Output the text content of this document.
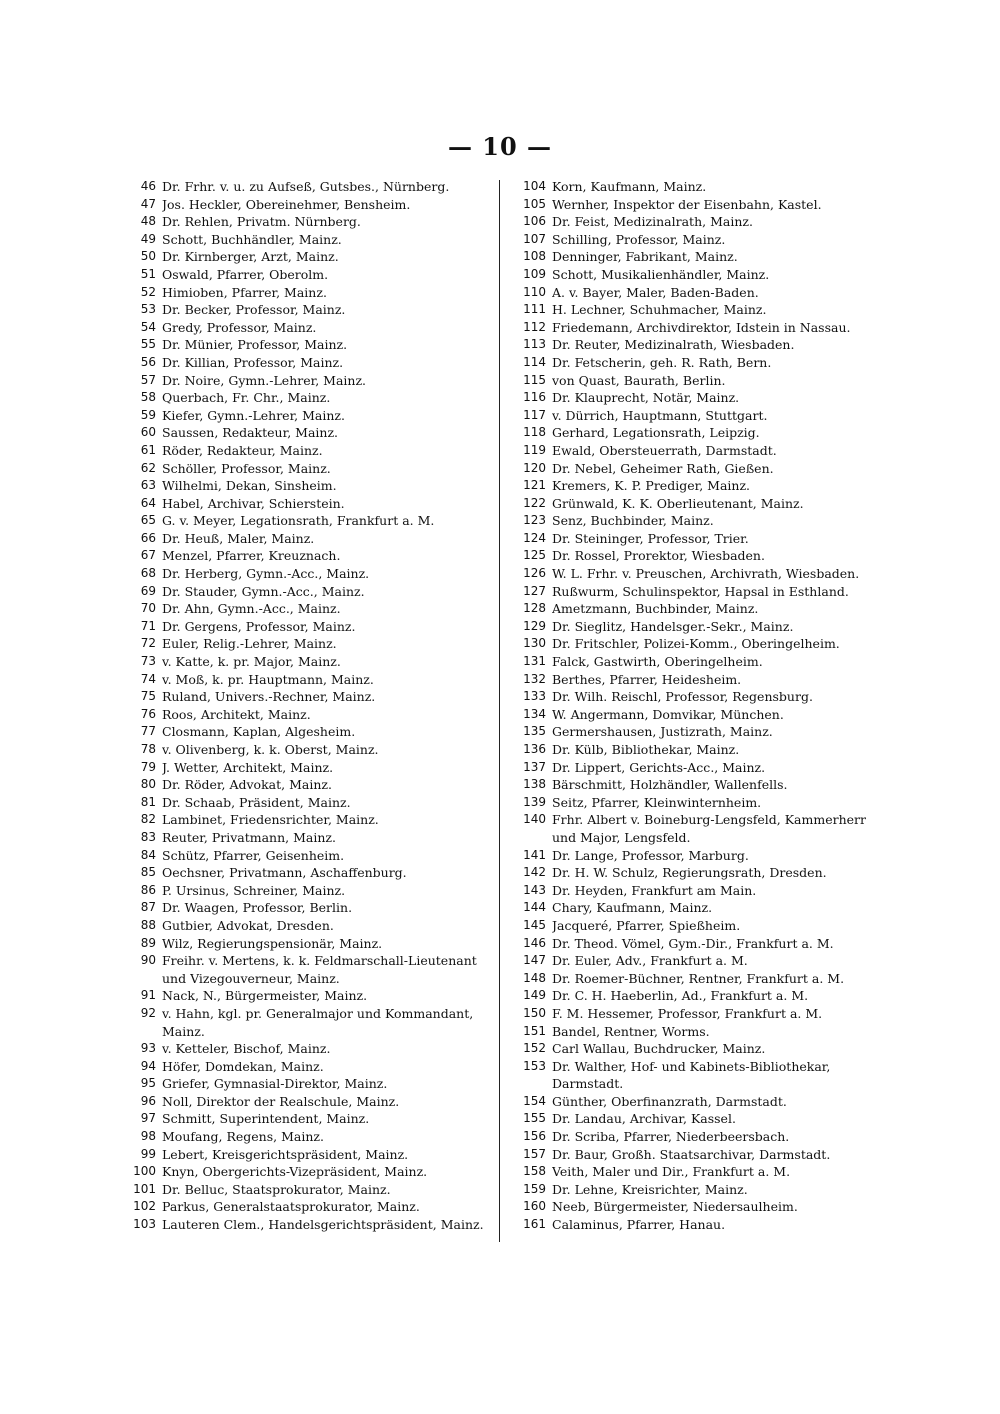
— 10 —
46 Dr. Frhr. v. u. zu Aufseß, Gutsbes., Nürnberg.
47 Jos. Heckler, Obereinehmer, Bensheim.
48 Dr. Rehlen, Privatm. Nürnberg.
49 Schott, Buchhändler, Mainz.
50 Dr. Kirnberger, Arzt, Mainz.
51 Oswald, Pfarrer, Oberolm.
52 Himioben, Pfarrer, Mainz.
53 Dr. Becker, Professor, Mainz.
54 Gredy, Professor, Mainz.
55 Dr. Münier, Professor, Mainz.
56 Dr. Killian, Professor, Mainz.
57 Dr. Noire, Gymn.-Lehrer, Mainz.
58 Querbach, Fr. Chr., Mainz.
59 Kiefer, Gymn.-Lehrer, Mainz.
60 Saussen, Redakteur, Mainz.
61 Röder, Redakteur, Mainz.
62 Schöller, Professor, Mainz.
63 Wilhelmi, Dekan, Sinsheim.
64 Habel, Archivar, Schierstein.
65 G. v. Meyer, Legationsrath, Frankfurt a. M.
66 Dr. Heuß, Maler, Mainz.
67 Menzel, Pfarrer, Kreuznach.
68 Dr. Herberg, Gymn.-Acc., Mainz.
69 Dr. Stauder, Gymn.-Acc., Mainz.
70 Dr. Ahn, Gymn.-Acc., Mainz.
71 Dr. Gergens, Professor, Mainz.
72 Euler, Relig.-Lehrer, Mainz.
73 v. Katte, k. pr. Major, Mainz.
74 v. Moß, k. pr. Hauptmann, Mainz.
75 Ruland, Univers.-Rechner, Mainz.
76 Roos, Architekt, Mainz.
77 Closmann, Kaplan, Algesheim.
78 v. Olivenberg, k. k. Oberst, Mainz.
79 J. Wetter, Architekt, Mainz.
80 Dr. Röder, Advokat, Mainz.
81 Dr. Schaab, Präsident, Mainz.
82 Lambinet, Friedensrichter, Mainz.
83 Reuter, Privatmann, Mainz.
84 Schütz, Pfarrer, Geisenheim.
85 Oechsner, Privatmann, Aschaffenburg.
86 P. Ursinus, Schreiner, Mainz.
87 Dr. Waagen, Professor, Berlin.
88 Gutbier, Advokat, Dresden.
89 Wilz, Regierungspensionär, Mainz.
90 Freihr. v. Mertens, k. k. Feldmarschall-Lieutenant und Vizegouverneur, Mainz.
91 Nack, N., Bürgermeister, Mainz.
92 v. Hahn, kgl. pr. Generalmajor und Kommandant, Mainz.
93 v. Ketteler, Bischof, Mainz.
94 Höfer, Domdekan, Mainz.
95 Griefer, Gymnasial-Direktor, Mainz.
96 Noll, Direktor der Realschule, Mainz.
97 Schmitt, Superintendent, Mainz.
98 Moufang, Regens, Mainz.
99 Lebert, Kreisgerichtspräsident, Mainz.
100 Knyn, Obergerichts-Vizepräsident, Mainz.
101 Dr. Belluc, Staatsprokurator, Mainz.
102 Parkus, Generalstaatsprokurator, Mainz.
103 Lauteren Clem., Handelsgerichtspräsident, Mainz.
104 Korn, Kaufmann, Mainz.
105 Wernher, Inspektor der Eisenbahn, Kastel.
106 Dr. Feist, Medizinalrath, Mainz.
107 Schilling, Professor, Mainz.
108 Denninger, Fabrikant, Mainz.
109 Schott, Musikalienhändler, Mainz.
110 A. v. Bayer, Maler, Baden-Baden.
111 H. Lechner, Schuhmacher, Mainz.
112 Friedemann, Archivdirektor, Idstein in Nassau.
113 Dr. Reuter, Medizinalrath, Wiesbaden.
114 Dr. Fetscherin, geh. R. Rath, Bern.
115 von Quast, Baurath, Berlin.
116 Dr. Klauprecht, Notär, Mainz.
117 v. Dürrich, Hauptmann, Stuttgart.
118 Gerhard, Legationsrath, Leipzig.
119 Ewald, Obersteuerrath, Darmstadt.
120 Dr. Nebel, Geheimer Rath, Gießen.
121 Kremers, K. P. Prediger, Mainz.
122 Grünwald, K. K. Oberlieutenant, Mainz.
123 Senz, Buchbinder, Mainz.
124 Dr. Steininger, Professor, Trier.
125 Dr. Rossel, Prorektor, Wiesbaden.
126 W. L. Frhr. v. Preuschen, Archivrath, Wiesbaden.
127 Rußwurm, Schulinspektor, Hapsal in Esthland.
128 Ametzmann, Buchbinder, Mainz.
129 Dr. Sieglitz, Handelsger.-Sekr., Mainz.
130 Dr. Fritschler, Polizei-Komm., Oberingelheim.
131 Falck, Gastwirth, Oberingelheim.
132 Berthes, Pfarrer, Heidesheim.
133 Dr. Wilh. Reischl, Professor, Regensburg.
134 W. Angermann, Domvikar, München.
135 Germershausen, Justizrath, Mainz.
136 Dr. Külb, Bibliothekar, Mainz.
137 Dr. Lippert, Gerichts-Acc., Mainz.
138 Bärschmitt, Holzhändler, Wallenfells.
139 Seitz, Pfarrer, Kleinwinternheim.
140 Frhr. Albert v. Boineburg-Lengsfeld, Kammerherr und Major, Lengsfeld.
141 Dr. Lange, Professor, Marburg.
142 Dr. H. W. Schulz, Regierungsrath, Dresden.
143 Dr. Heyden, Frankfurt am Main.
144 Chary, Kaufmann, Mainz.
145 Jacqueré, Pfarrer, Spießheim.
146 Dr. Theod. Vömel, Gym.-Dir., Frankfurt a. M.
147 Dr. Euler, Adv., Frankfurt a. M.
148 Dr. Roemer-Büchner, Rentner, Frankfurt a. M.
149 Dr. C. H. Haeberlin, Ad., Frankfurt a. M.
150 F. M. Hessemer, Professor, Frankfurt a. M.
151 Bandel, Rentner, Worms.
152 Carl Wallau, Buchdrucker, Mainz.
153 Dr. Walther, Hof- und Kabinets-Bibliothekar, Darmstadt.
154 Günther, Oberfinanzrath, Darmstadt.
155 Dr. Landau, Archivar, Kassel.
156 Dr. Scriba, Pfarrer, Niederbeersbach.
157 Dr. Baur, Großh. Staatsarchivar, Darmstadt.
158 Veith, Maler und Dir., Frankfurt a. M.
159 Dr. Lehne, Kreisrichter, Mainz.
160 Neeb, Bürgermeister, Niedersaulheim.
161 Calaminus, Pfarrer, Hanau.
